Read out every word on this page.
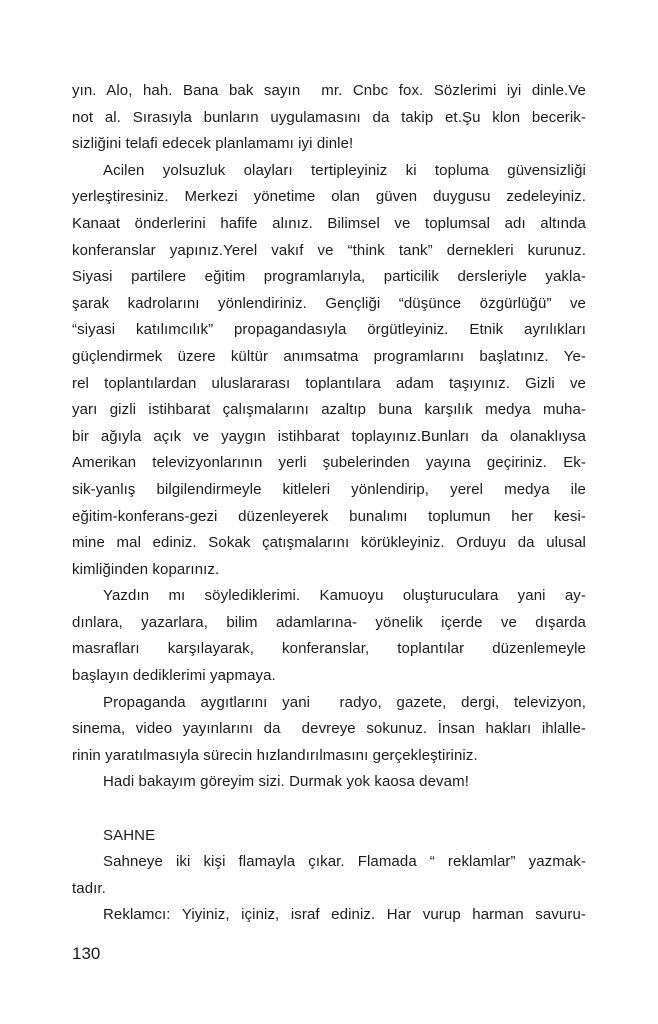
yın. Alo, hah. Bana bak sayın  mr. Cnbc fox. Sözlerimi iyi dinle.Ve
not al. Sırasıyla bunların uygulamasını da takip et.Şu klon becerik-
sizliğini telafi edecek planlamamı iyi dinle!
Acilen yolsuzluk olayları tertipleyiniz ki topluma güvensizliği
yerleştiresiniz. Merkezi yönetime olan güven duygusu zedeleyiniz.
Kanaat önderlerini hafife alınız. Bilimsel ve toplumsal adı altında
konferanslar yapınız.Yerel vakıf ve “think tank” dernekleri kurunuz.
Siyasi partilere eğitim programlarıyla, particilik dersleriyle yakla-
şarak kadrolarını yönlendiriniz. Gençliği “düşünce özgürlüğü” ve
“siyasi katılımcılık” propagandasıyla örgütleyiniz. Etnik ayrılıkları
güçlendirmek üzere kültür anımsatma programlarını başlatınız. Ye-
rel toplantılardan uluslararası toplantılara adam taşıyınız. Gizli ve
yarı gizli istihbarat çalışmalarını azaltıp buna karşılık medya muha-
bir ağıyla açık ve yaygın istihbarat toplayınız.Bunları da olanaklıysa
Amerikan televizyonlarının yerli şubelerinden yayına geçiriniz. Ek-
sik-yanlış bilgilendirmeyle kitleleri yönlendirip, yerel medya ile
eğitim-konferans-gezi düzenleyerek bunalımı toplumun her kesi-
mine mal ediniz. Sokak çatışmalarını körükleyiniz. Orduyu da ulusal
kimliğinden koparınız.
Yazdın mı söylediklerimi. Kamuoyu oluşturuculara yani ay-
dınlara, yazarlara, bilim adamlarına- yönelik içerde ve dışarda
masrafları karşılayarak, konferanslar, toplantılar düzenlemeyle
başlayın dediklerimi yapmaya.
Propaganda aygıtlarını yani  radyo, gazete, dergi, televizyon,
sinema, video yayınlarını da  devreye sokunuz. İnsan hakları ihlalle-
rinin yaratılmasıyla sürecin hızlandırılmasını gerçekleştiriniz.
Hadi bakayım göreyim sizi. Durmak yok kaosa devam!
SAHNE
Sahneye iki kişi flamayla çıkar. Flamada “ reklamlar” yazmak-
tadır.
Reklamcı: Yiyiniz, içiniz, israf ediniz. Har vurup harman savuru-
130
